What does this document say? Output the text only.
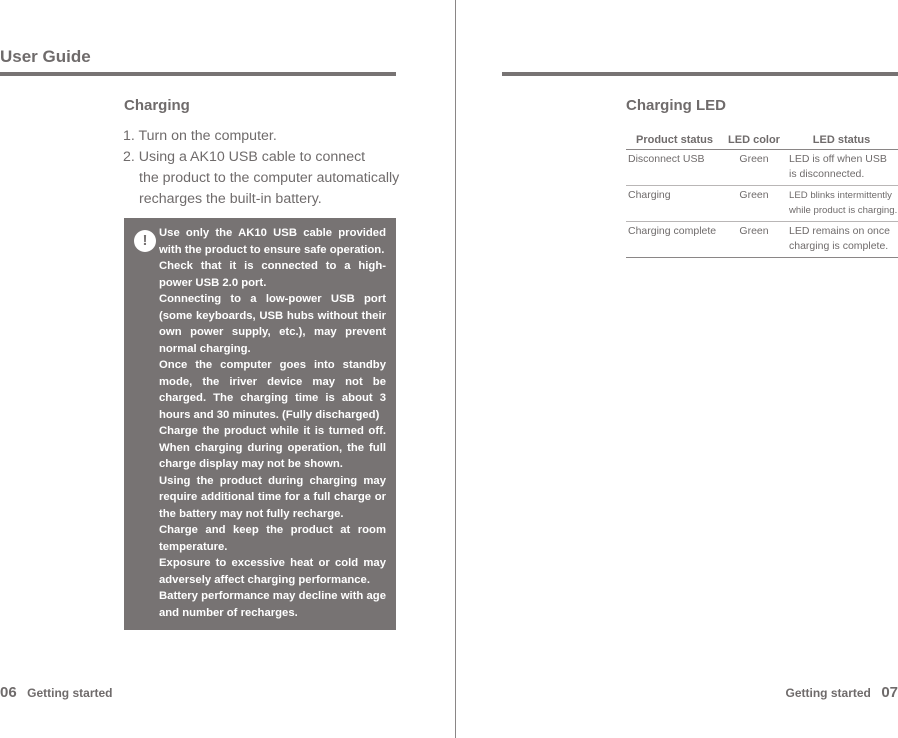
User Guide
Charging
1. Turn on the computer.
2. Using a AK10 USB cable to connect
the product to the computer automatically
recharges the built-in battery.
!	Use only the AK10 USB cable provided with the product to ensure safe operation.
Check that it is connected to a high-power USB 2.0 port.
Connecting to a low-power USB port (some keyboards, USB hubs without their own power supply, etc.), may prevent normal charging.
Once the computer goes into standby mode, the iriver device may not be charged. The charging time is about 3 hours and 30 minutes. (Fully discharged)
Charge the product while it is turned off. When charging during operation, the full charge display may not be shown.
Using the product during charging may require additional time for a full charge or the battery may not fully recharge.
Charge and keep the product at room temperature.
Exposure to excessive heat or cold may adversely affect charging performance.
Battery performance may decline with age and number of recharges.
06 Getting started
Charging LED
Product status	LED color	LED status
Disconnect USB	Green	LED is off when USB
is disconnected.

Charging	Green	LED blinks intermittently
while product is charging.

Charging complete	Green	LED remains on once
charging is complete.
Getting started 07
